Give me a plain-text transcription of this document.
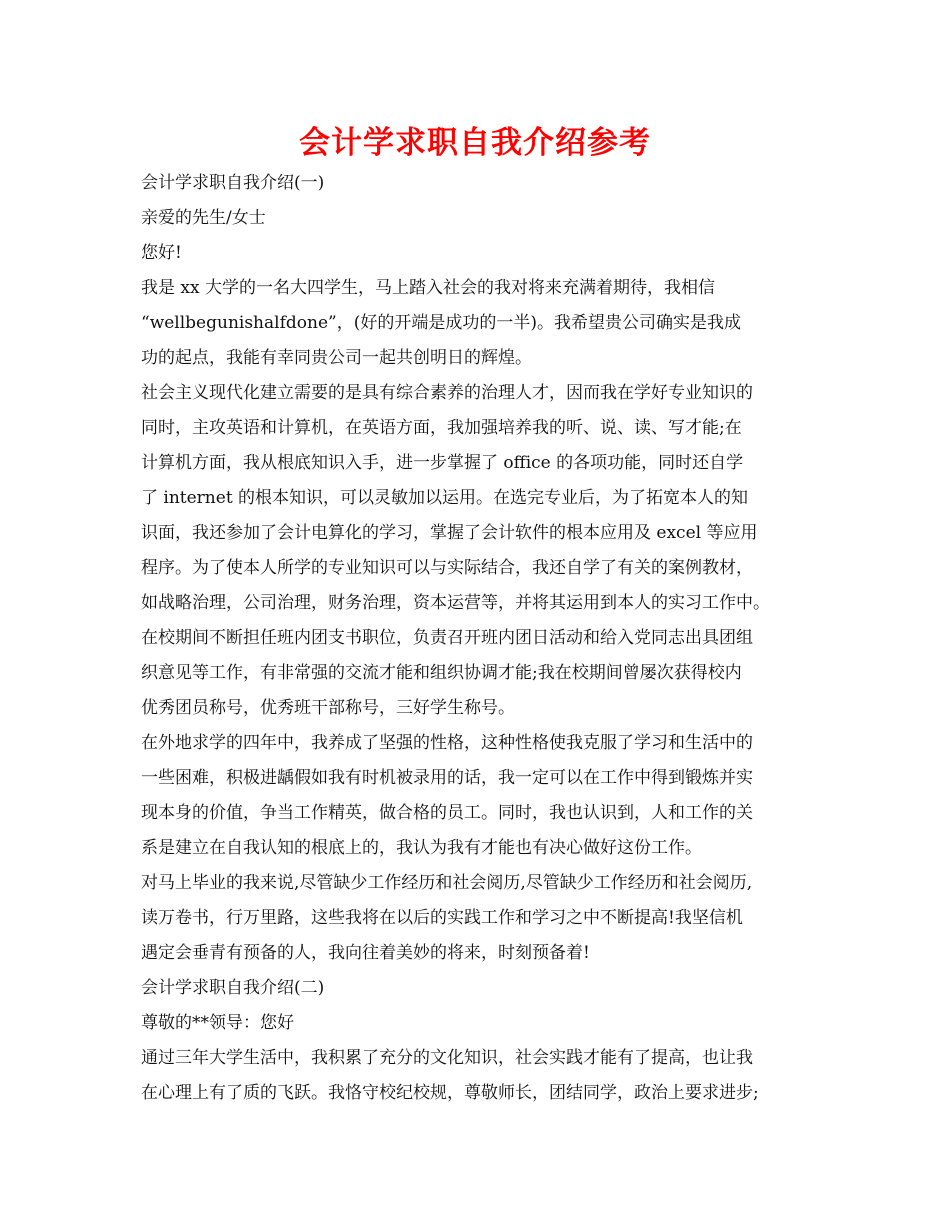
会计学求职自我介绍参考

会计学求职自我介绍(一)

亲爱的先生/女士

您好!

我是 xx 大学的一名大四学生，马上踏入社会的我对将来充满着期待，我相信
“wellbegunishalfdone”，(好的开端是成功的一半)。我希望贵公司确实是我成
功的起点，我能有幸同贵公司一起共创明日的辉煌。

社会主义现代化建立需要的是具有综合素养的治理人才，因而我在学好专业知识的
同时，主攻英语和计算机，在英语方面，我加强培养我的听、说、读、写才能;在
计算机方面，我从根底知识入手，进一步掌握了 office 的各项功能，同时还自学
了 internet 的根本知识，可以灵敏加以运用。在选完专业后，为了拓宽本人的知
识面，我还参加了会计电算化的学习，掌握了会计软件的根本应用及 excel 等应用
程序。为了使本人所学的专业知识可以与实际结合，我还自学了有关的案例教材，
如战略治理，公司治理，财务治理，资本运营等，并将其运用到本人的实习工作中。

在校期间不断担任班内团支书职位，负责召开班内团日活动和给入党同志出具团组
织意见等工作，有非常强的交流才能和组织协调才能;我在校期间曾屡次获得校内
优秀团员称号，优秀班干部称号，三好学生称号。

在外地求学的四年中，我养成了坚强的性格，这种性格使我克服了学习和生活中的
一些困难，积极进龋假如我有时机被录用的话，我一定可以在工作中得到锻炼并实
现本身的价值，争当工作精英，做合格的员工。同时，我也认识到，人和工作的关
系是建立在自我认知的根底上的，我认为我有才能也有决心做好这份工作。

对马上毕业的我来说,尽管缺少工作经历和社会阅历,尽管缺少工作经历和社会阅历,
读万卷书，行万里路，这些我将在以后的实践工作和学习之中不断提高!我坚信机
遇定会垂青有预备的人，我向往着美妙的将来，时刻预备着!

会计学求职自我介绍(二)

尊敬的**领导：您好

通过三年大学生活中，我积累了充分的文化知识，社会实践才能有了提高，也让我
在心理上有了质的飞跃。我恪守校纪校规，尊敬师长，团结同学，政治上要求进步;
